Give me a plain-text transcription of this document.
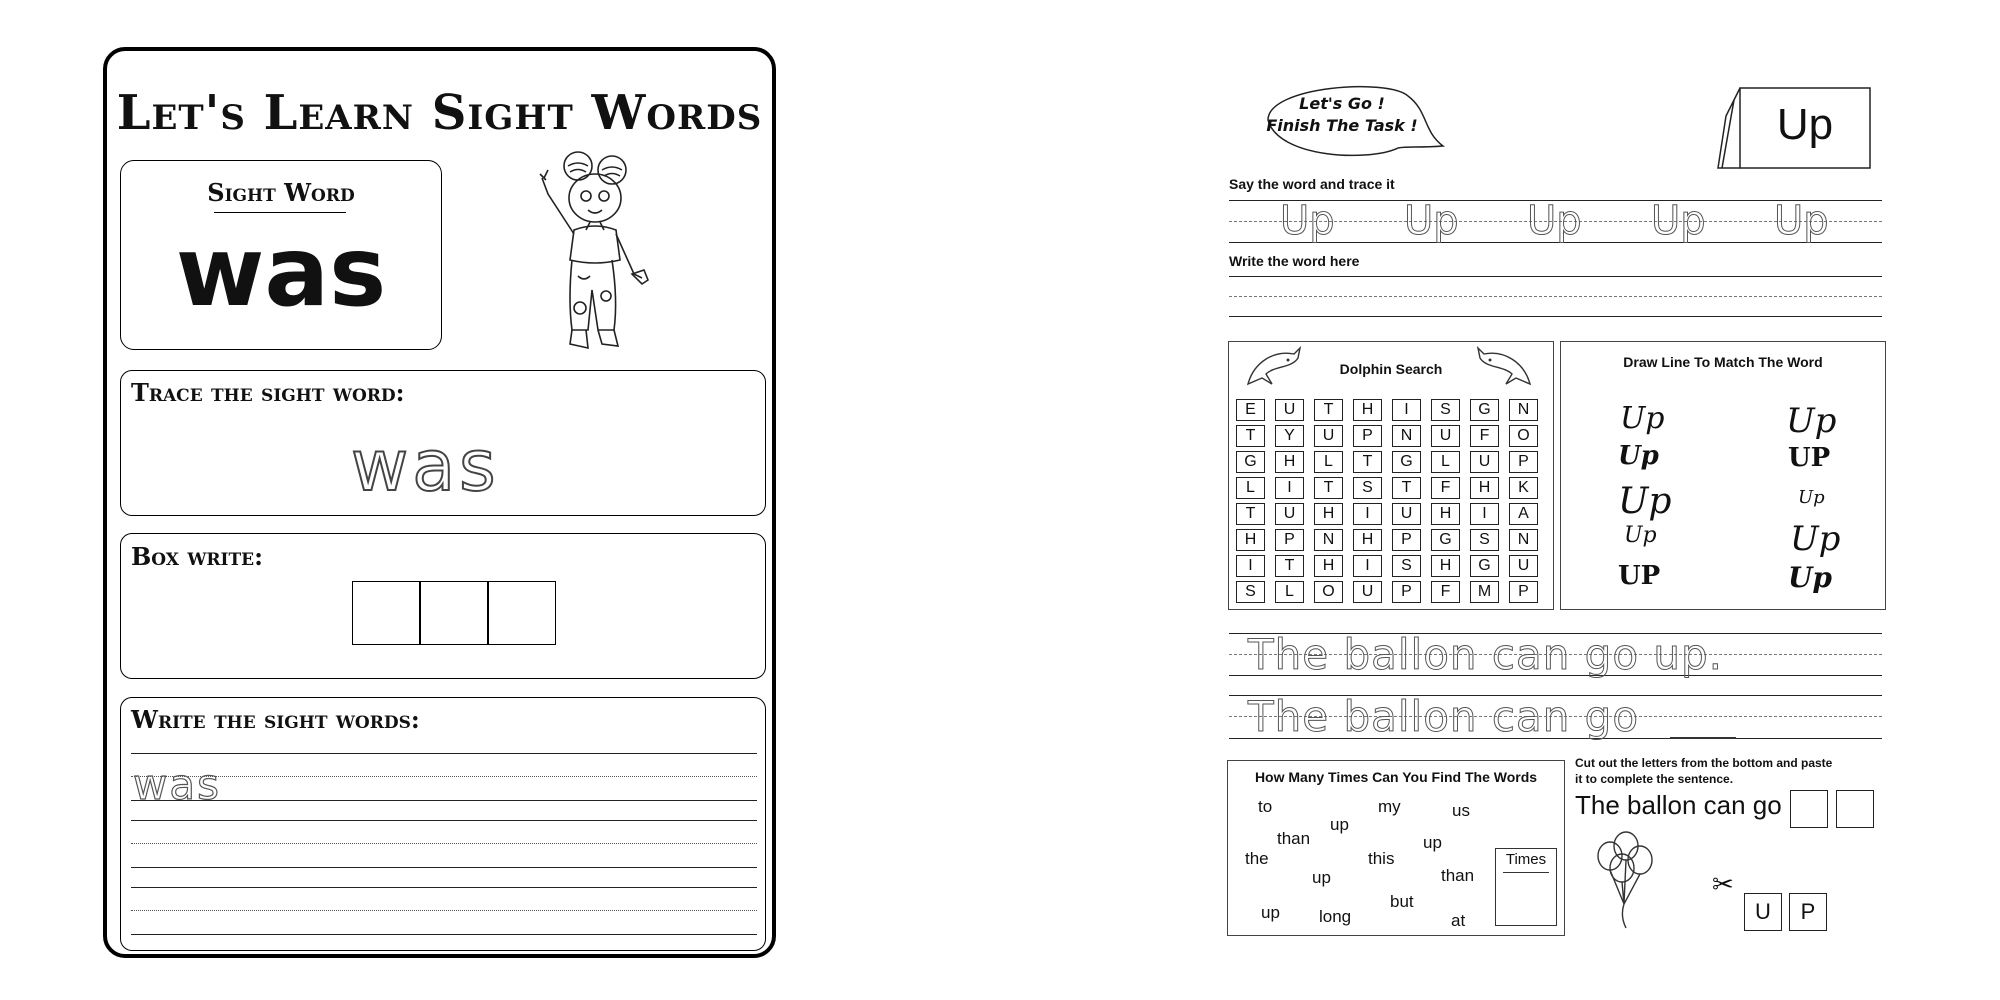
Let's Learn Sight Words
Sight Word
was
Trace the sight word:
was
Box write:
Write the sight words:
was
Let's Go !
Finish The Task !	Up
Say the word and trace it
Up Up Up Up Up
Write the word here
Dolphin Search
E	U	T	H	I	S	G	N
T	Y	U	P	N	U	F	O
G	H	L	T	G	L	U	P
L	I	T	S	T	F	H	K
T	U	H	I	U	H	I	A
H	P	N	H	P	G	S	N
I	T	H	I	S	H	G	U
S	L	O	U	P	F	M	P
Draw Line To Match The Word
Up
Up
Up
Up
UP
Up
UP
Up
Up
Up
The ballon can go up.
The ballon can go
How Many Times Can You Find The Words
to	my	us
up
than	up
the	this
up	than
up
but
long	at
Times
Cut out the letters from the bottom and paste
it to complete the sentence.
The ballon can go
✂
U	P
